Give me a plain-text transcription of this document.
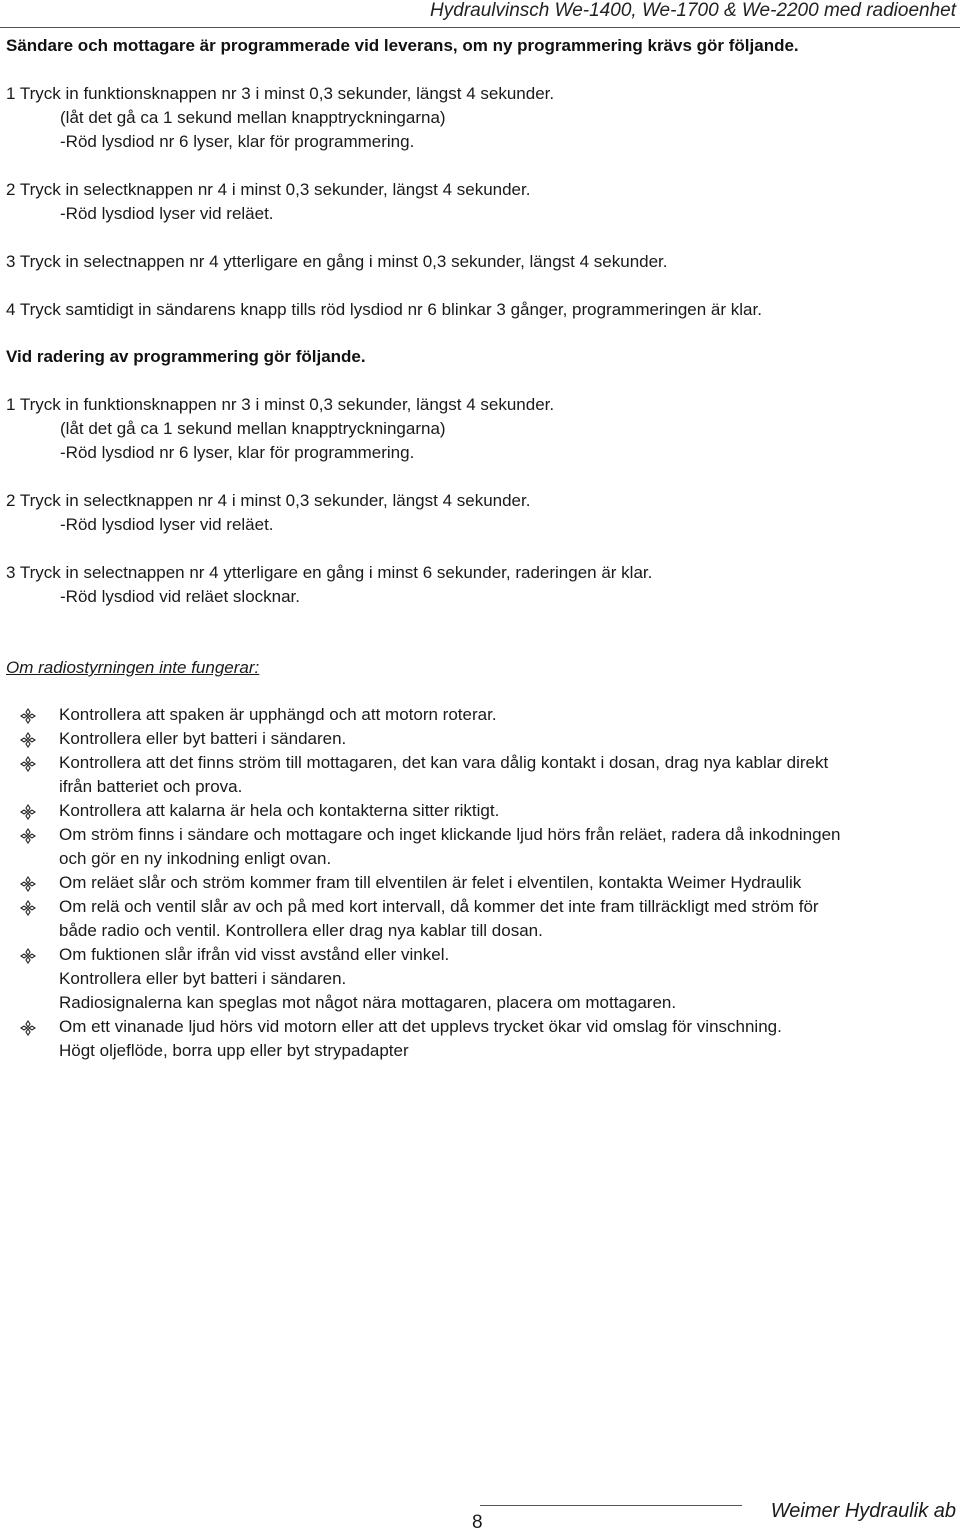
Hydraulvinsch We-1400, We-1700 & We-2200 med radioenhet
Sändare och mottagare är programmerade vid leverans, om ny programmering krävs gör följande.
1 Tryck in funktionsknappen nr 3 i minst 0,3 sekunder, längst 4 sekunder.
(låt det gå ca 1 sekund mellan knapptryckningarna)
-Röd lysdiod nr 6 lyser, klar för programmering.
2 Tryck in selectknappen nr 4 i minst 0,3 sekunder, längst 4 sekunder.
-Röd lysdiod lyser vid reläet.
3 Tryck in selectnappen nr 4 ytterligare en gång i minst 0,3 sekunder, längst 4 sekunder.
4 Tryck samtidigt in sändarens knapp tills röd lysdiod nr 6 blinkar 3 gånger, programmeringen är klar.
Vid radering av programmering gör följande.
1 Tryck in funktionsknappen nr 3 i minst 0,3 sekunder, längst 4 sekunder.
(låt det gå ca 1 sekund mellan knapptryckningarna)
-Röd lysdiod nr 6 lyser, klar för programmering.
2 Tryck in selectknappen nr 4 i minst 0,3 sekunder, längst 4 sekunder.
-Röd lysdiod lyser vid reläet.
3 Tryck in selectnappen nr 4 ytterligare en gång i minst 6 sekunder, raderingen är klar.
-Röd lysdiod vid reläet slocknar.
Om radiostyrningen inte fungerar:
Kontrollera att spaken är upphängd och att motorn roterar.
Kontrollera eller byt batteri i sändaren.
Kontrollera att det finns ström till mottagaren, det kan vara dålig kontakt i dosan, drag nya kablar direkt
ifrån batteriet och prova.
Kontrollera att kalarna är hela och kontakterna sitter riktigt.
Om ström finns i sändare och mottagare och inget klickande ljud hörs från reläet, radera då inkodningen
och gör en ny inkodning enligt ovan.
Om reläet slår och ström kommer fram till elventilen är felet i elventilen, kontakta Weimer Hydraulik
Om relä och ventil slår av och på med kort intervall, då kommer det inte fram tillräckligt med ström för
både radio och ventil. Kontrollera eller drag nya kablar till dosan.
Om fuktionen slår ifrån vid visst avstånd eller vinkel.
Kontrollera eller byt batteri i sändaren.
Radiosignalerna kan speglas mot något nära mottagaren, placera om mottagaren.
Om ett vinanade ljud hörs vid motorn eller att det upplevs trycket ökar vid omslag för vinschning.
Högt oljeflöde, borra upp eller byt strypadapter
8
Weimer Hydraulik ab
